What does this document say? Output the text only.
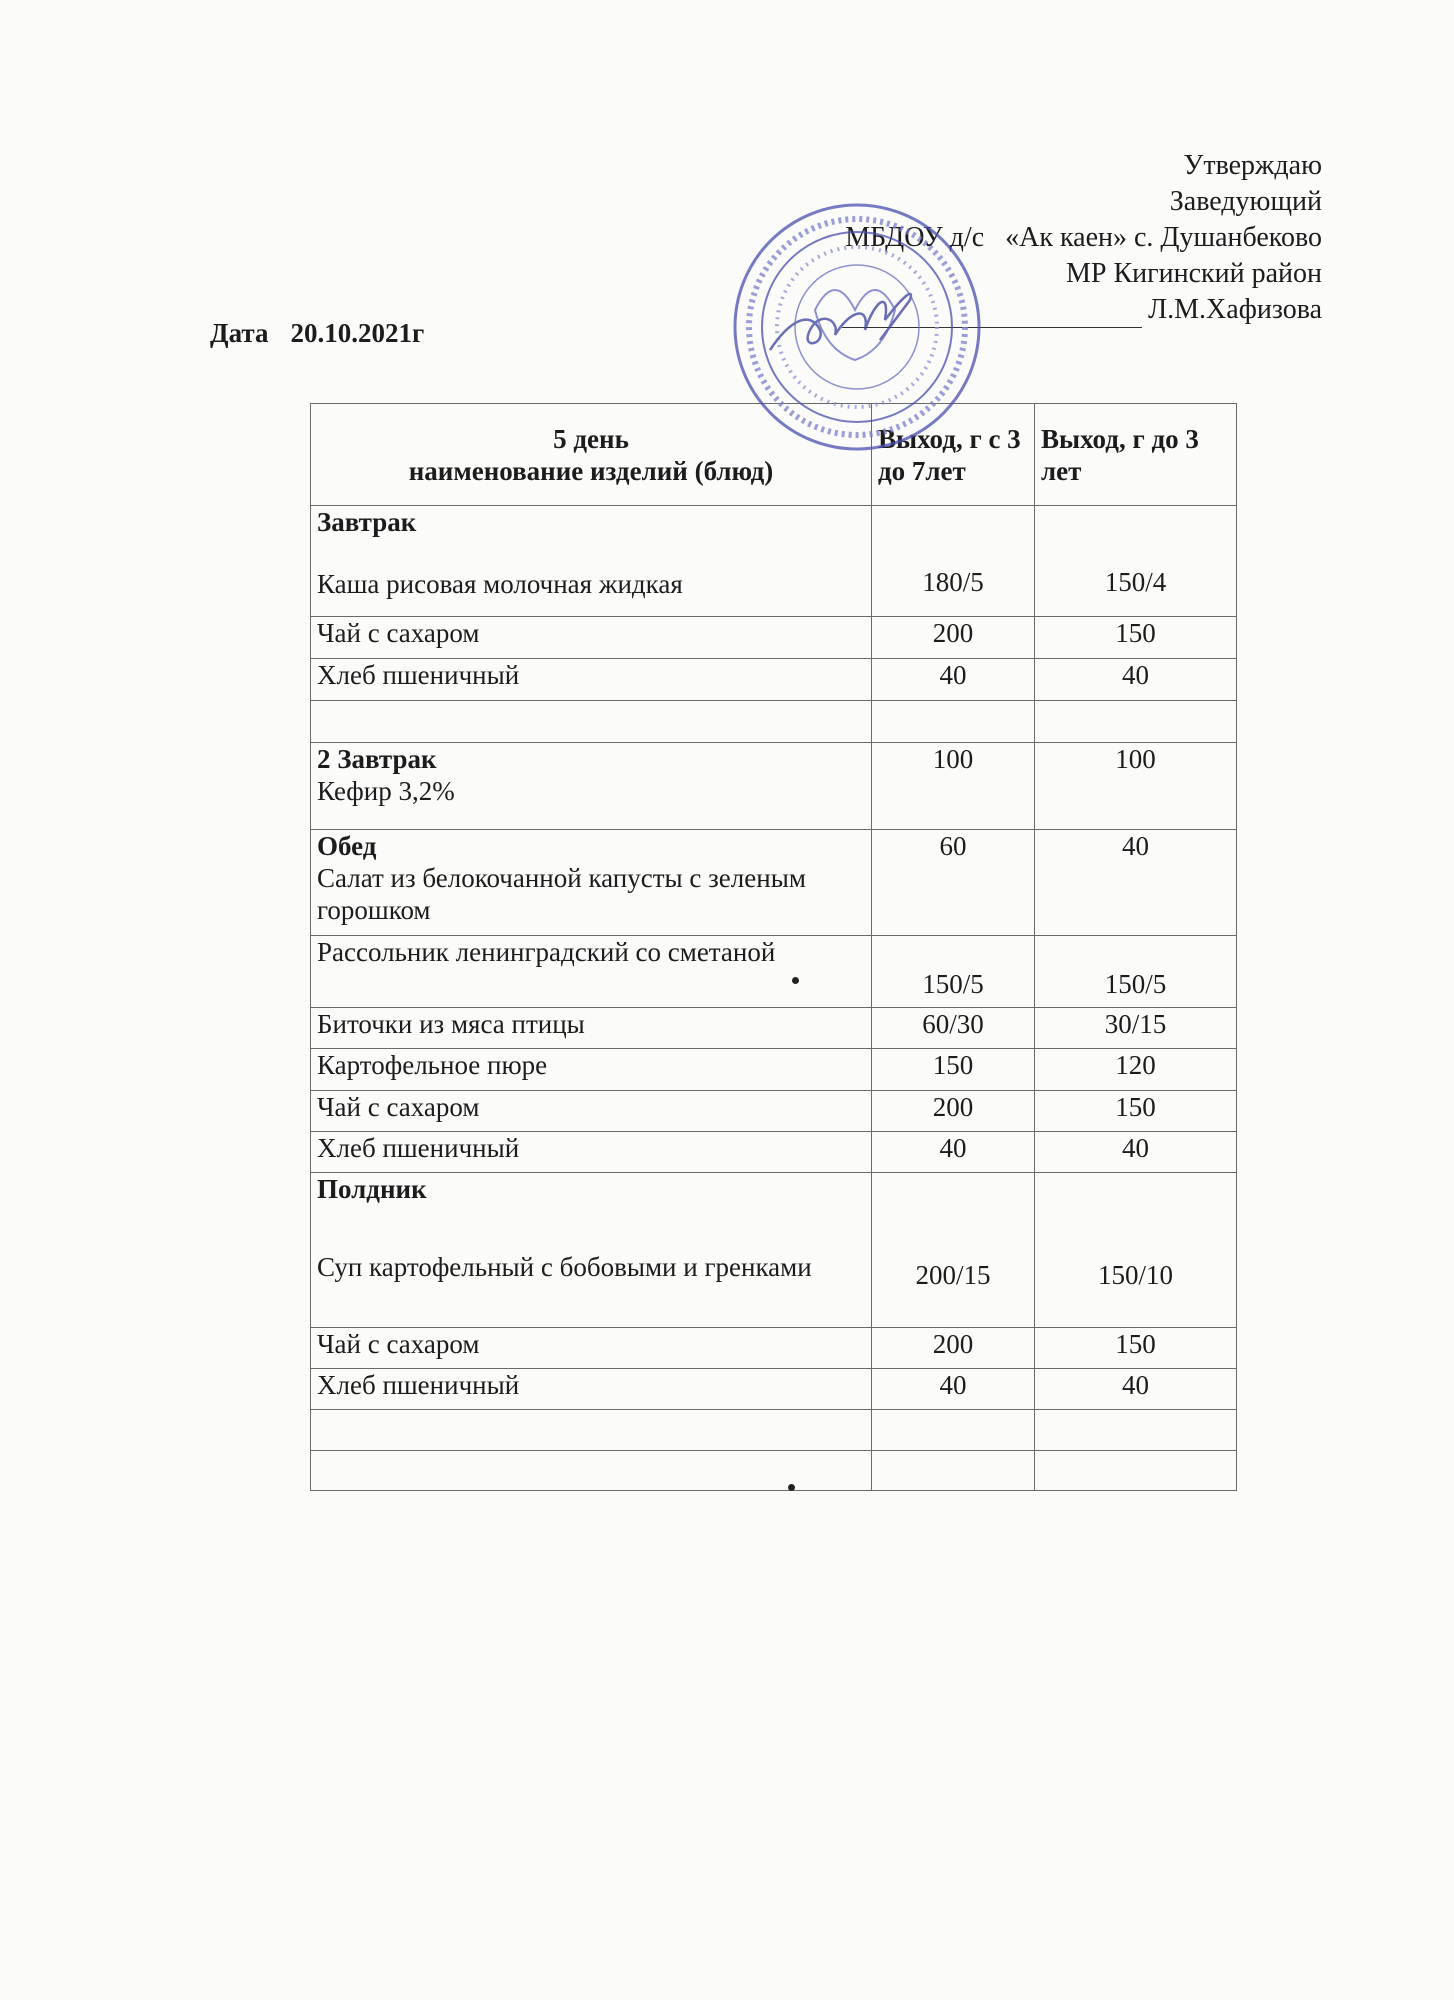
Утверждаю
Заведующий
МБДОУ д/с   «Ак каен» с. Душанбеково
МР Кигинский район
Л.М.Хафизова
Дата 20.10.2021г
5 день
наименование изделий (блюд)	Выход, г с 3 до 7лет	Выход, г до 3 лет

Завтрак
Каша рисовая молочная жидкая	180/5	150/4

Чай с сахаром	200	150

Хлеб пшеничный	40	40

2 Завтрак
Кефир 3,2%	100	100

Обед
Салат из белокочанной капусты с зеленым горошком	60	40

Рассольник ленинградский со сметаной	150/5	150/5

Биточки из мяса птицы	60/30	30/15

Картофельное пюре	150	120

Чай с сахаром	200	150

Хлеб пшеничный	40	40

Полдник
Суп картофельный с бобовыми и гренками	200/15	150/10

Чай с сахаром	200	150

Хлеб пшеничный	40	40
